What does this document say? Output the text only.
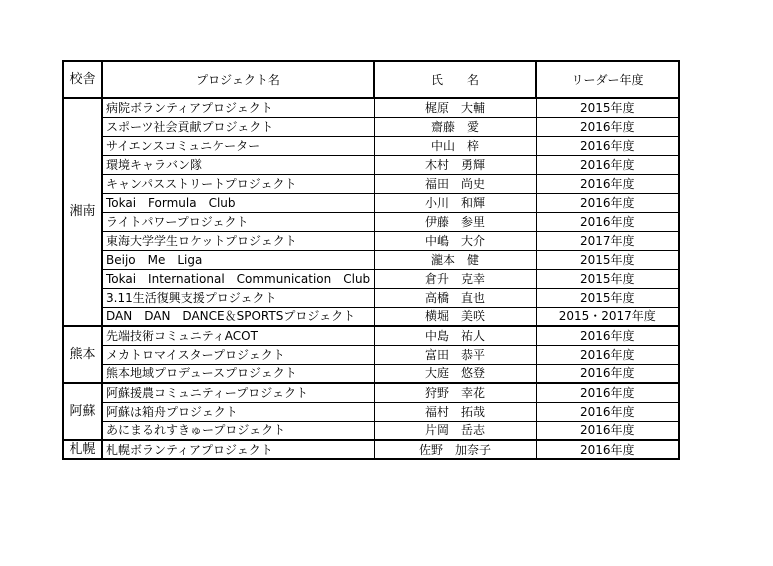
校舎	プロジェクト名	氏　　名	リーダー年度
湘南	病院ボランティアプロジェクト	梶原　大輔	2015年度
	スポーツ社会貢献プロジェクト	齋藤　愛	2016年度
	サイエンスコミュニケーター	中山　梓	2016年度
	環境キャラバン隊	木村　勇輝	2016年度
	キャンパスストリートプロジェクト	福田　尚史	2016年度
	Tokai　Formula　Club	小川　和輝	2016年度
	ライトパワープロジェクト	伊藤　参里	2016年度
	東海大学学生ロケットプロジェクト	中嶋　大介	2017年度
	Beijo　Me　Liga	瀧本　健	2015年度
	Tokai　International　Communication　Club	倉升　克幸	2015年度
	3.11生活復興支援プロジェクト	高橋　直也	2015年度
	DAN　DAN　DANCE＆SPORTSプロジェクト	横堀　美咲	2015・2017年度
熊本	先端技術コミュニティACOT	中島　祐人	2016年度
	メカトロマイスタープロジェクト	富田　恭平	2016年度
	熊本地域プロデュースプロジェクト	大庭　悠登	2016年度
阿蘇	阿蘇援農コミュニティープロジェクト	狩野　幸花	2016年度
	阿蘇は箱舟プロジェクト	福村　拓哉	2016年度
	あにまるれすきゅープロジェクト	片岡　岳志	2016年度
札幌	札幌ボランティアプロジェクト	佐野　加奈子	2016年度
